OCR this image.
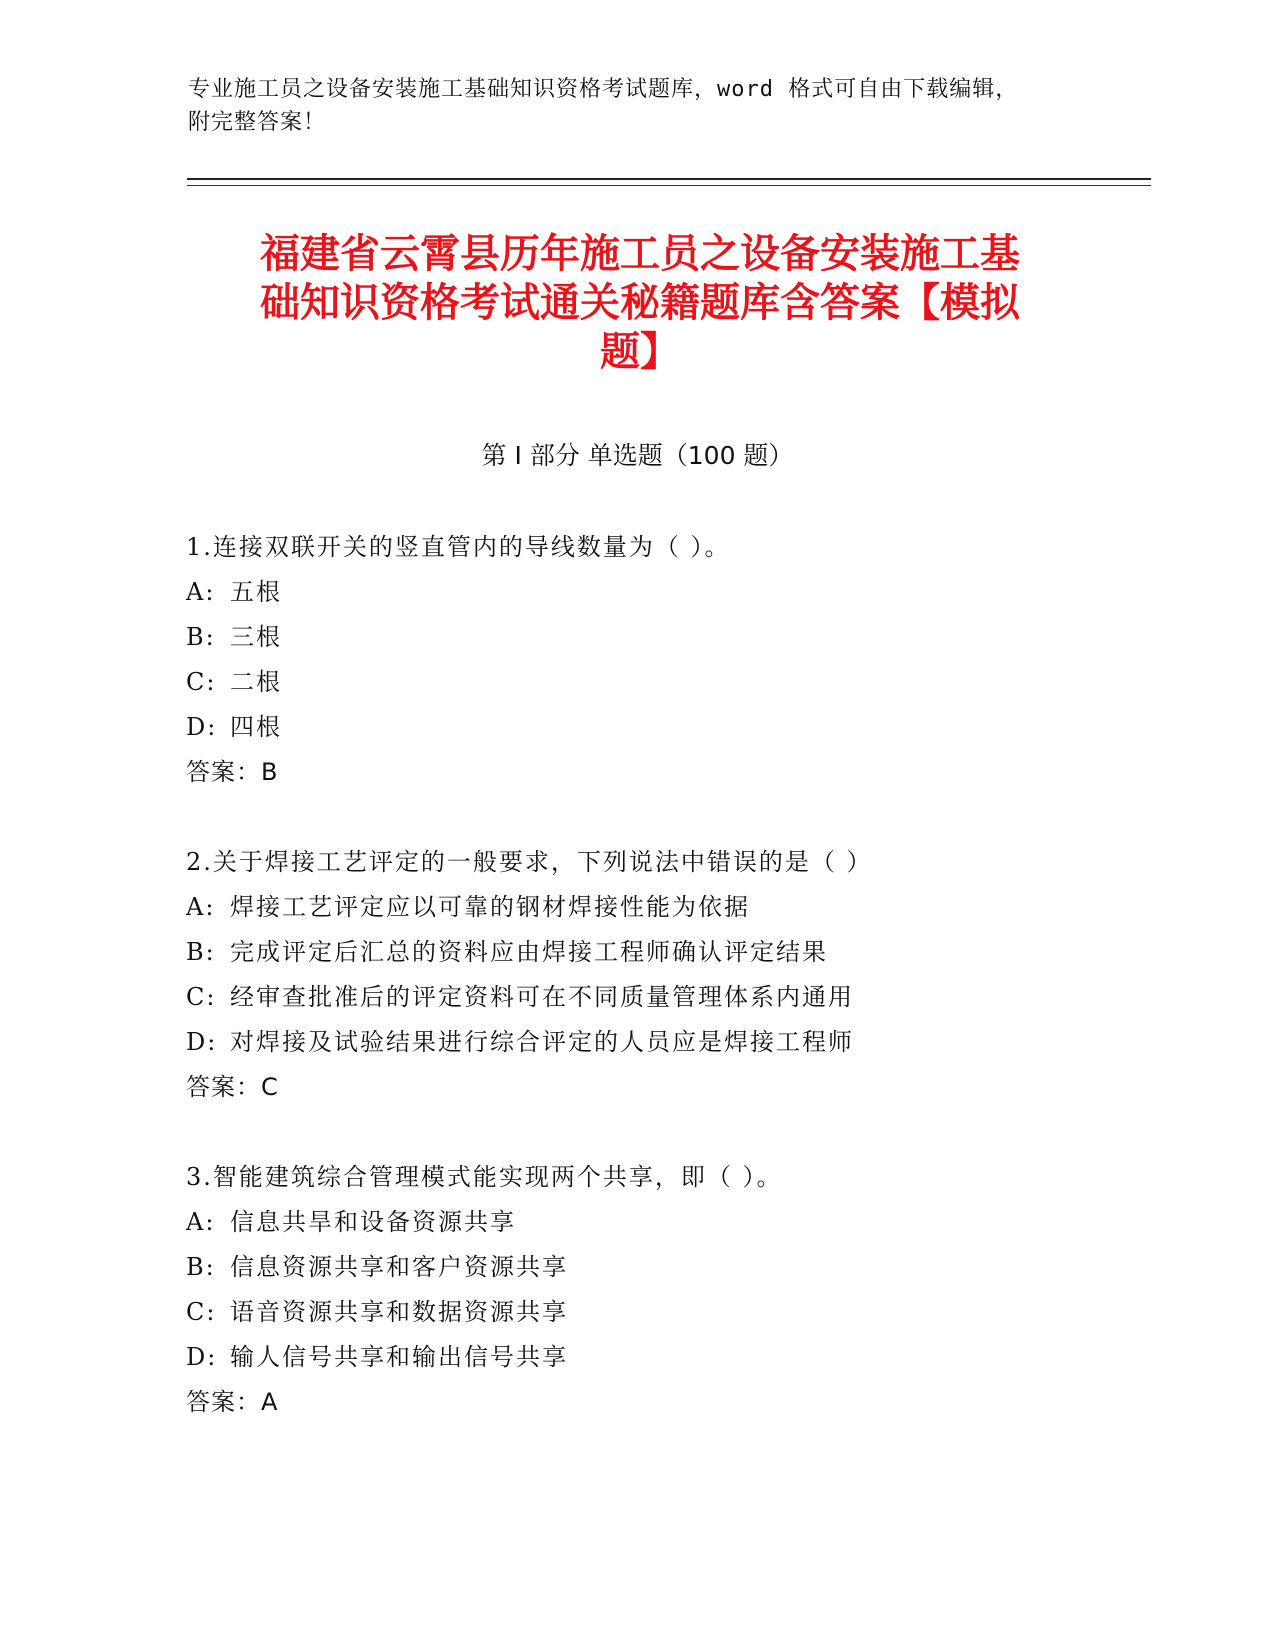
专业施工员之设备安装施工基础知识资格考试题库，word 格式可自由下载编辑，
附完整答案！
福建省云霄县历年施工员之设备安装施工基
础知识资格考试通关秘籍题库含答案【模拟
题】
第 I 部分 单选题（100 题）
1.连接双联开关的竖直管内的导线数量为（ ）。
A: 五根
B: 三根
C: 二根
D: 四根
答案：B
2.关于焊接工艺评定的一般要求，下列说法中错误的是（ ）
A: 焊接工艺评定应以可靠的钢材焊接性能为依据
B: 完成评定后汇总的资料应由焊接工程师确认评定结果
C: 经审查批准后的评定资料可在不同质量管理体系内通用
D: 对焊接及试验结果进行综合评定的人员应是焊接工程师
答案：C
3.智能建筑综合管理模式能实现两个共享，即（ ）。
A: 信息共旱和设备资源共享
B: 信息资源共享和客户资源共享
C: 语音资源共享和数据资源共享
D: 输人信号共享和输出信号共享
答案：A
